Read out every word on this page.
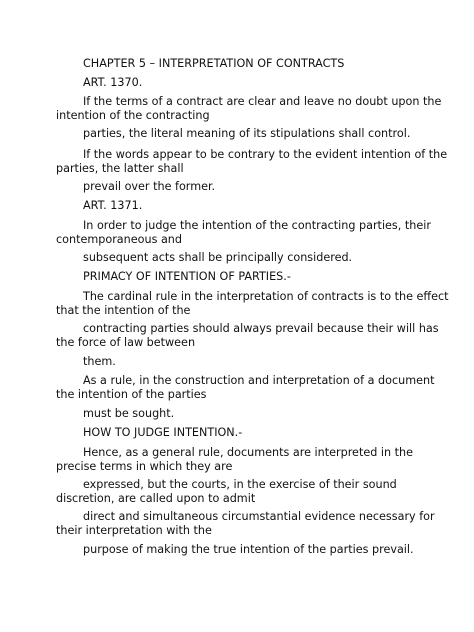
CHAPTER 5 – INTERPRETATION OF CONTRACTS
ART. 1370.
If the terms of a contract are clear and leave no doubt upon the
intention of the contracting
parties, the literal meaning of its stipulations shall control.
If the words appear to be contrary to the evident intention of the
parties, the latter shall
prevail over the former.
ART. 1371.
In order to judge the intention of the contracting parties, their
contemporaneous and
subsequent acts shall be principally considered.
PRIMACY OF INTENTION OF PARTIES.-
The cardinal rule in the interpretation of contracts is to the effect
that the intention of the
contracting parties should always prevail because their will has
the force of law between
them.
As a rule, in the construction and interpretation of a document
the intention of the parties
must be sought.
HOW TO JUDGE INTENTION.-
Hence, as a general rule, documents are interpreted in the
precise terms in which they are
expressed, but the courts, in the exercise of their sound
discretion, are called upon to admit
direct and simultaneous circumstantial evidence necessary for
their interpretation with the
purpose of making the true intention of the parties prevail.
